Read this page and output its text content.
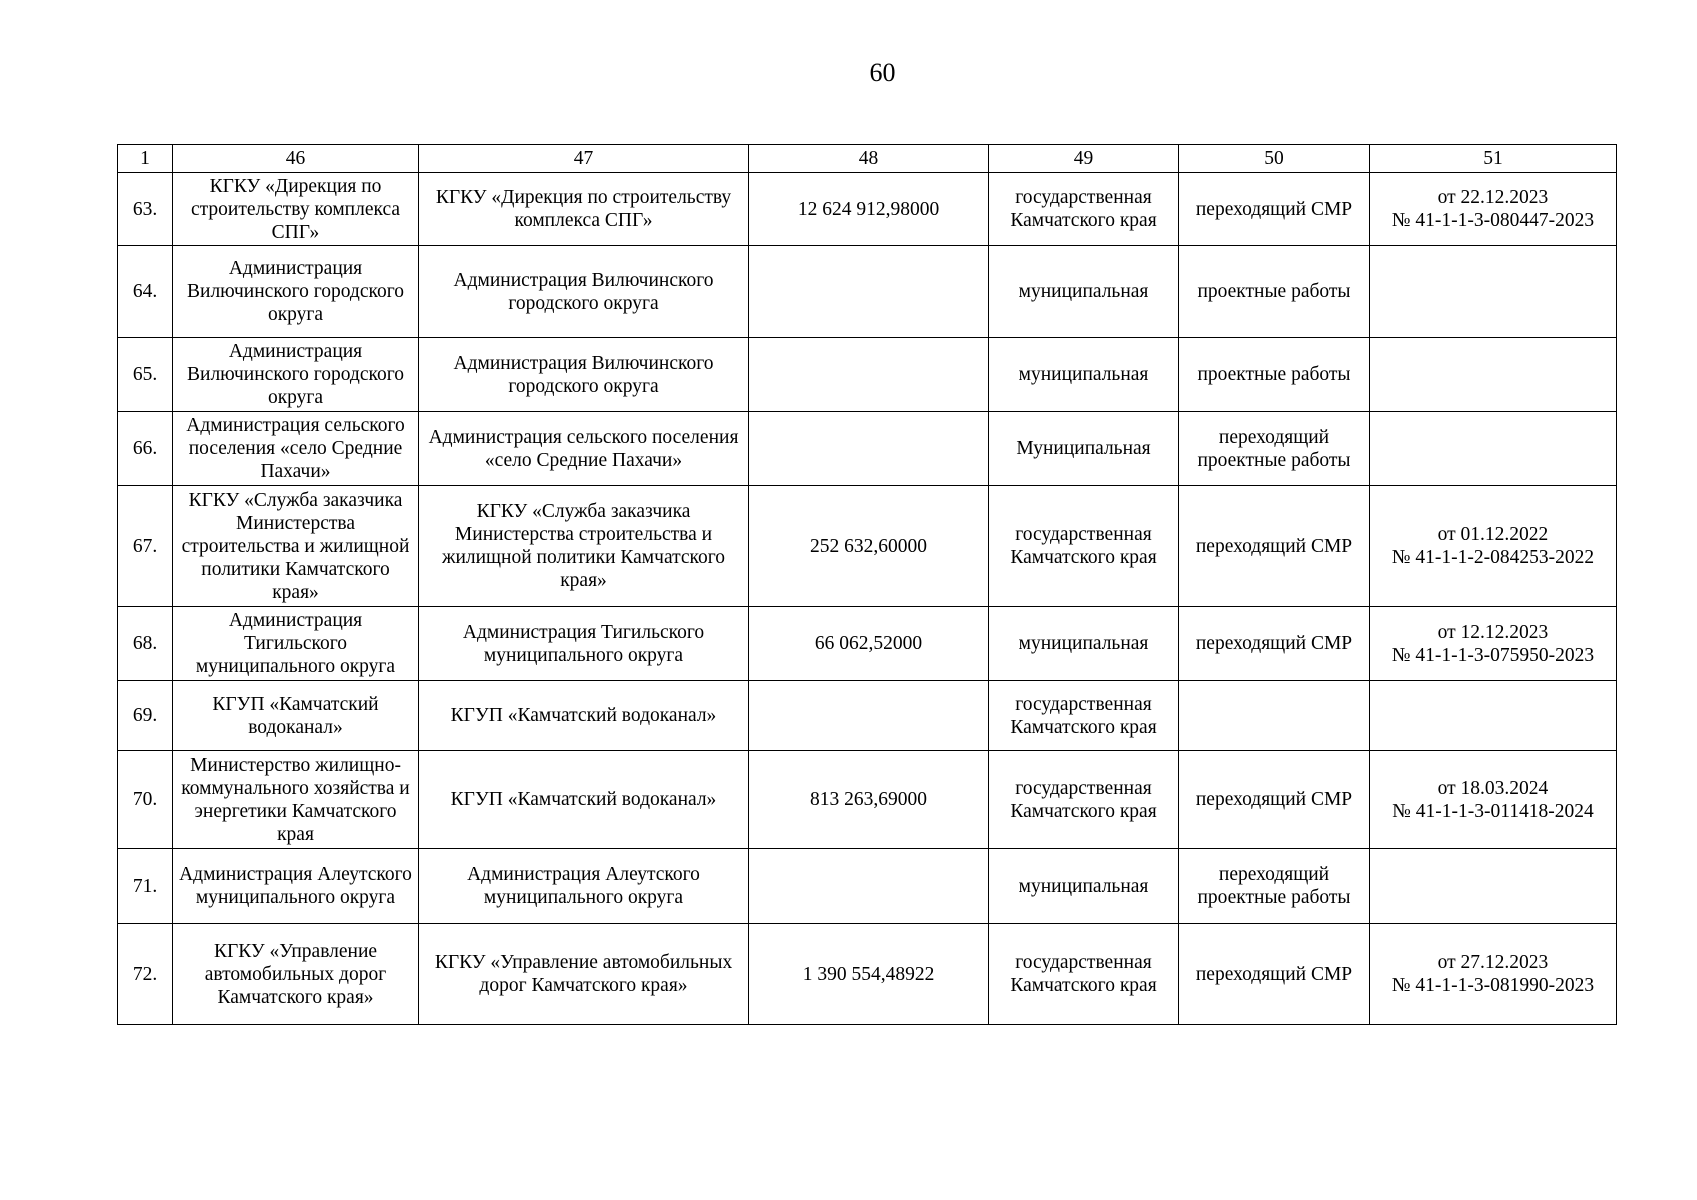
60
1	46	47	48	49	50	51
63.	КГКУ «Дирекция по строительству комплекса СПГ»	КГКУ «Дирекция по строительству комплекса СПГ»	12 624 912,98000	государственная Камчатского края	переходящий СМР	от 22.12.2023
№ 41-1-1-3-080447-2023

64.	Администрация Вилючинского городского округа	Администрация Вилючинского городского округа		муниципальная	проектные работы	

65.	Администрация Вилючинского городского округа	Администрация Вилючинского городского округа		муниципальная	проектные работы	

66.	Администрация сельского поселения «село Средние Пахачи»	Администрация сельского поселения «село Средние Пахачи»		Муниципальная	переходящий проектные работы	

67.	КГКУ «Служба заказчика Министерства строительства и жилищной политики Камчатского края»	КГКУ «Служба заказчика Министерства строительства и жилищной политики Камчатского края»	252 632,60000	государственная Камчатского края	переходящий СМР	от 01.12.2022
№ 41-1-1-2-084253-2022

68.	Администрация Тигильского муниципального округа	Администрация Тигильского муниципального округа	66 062,52000	муниципальная	переходящий СМР	от 12.12.2023
№ 41-1-1-3-075950-2023

69.	КГУП «Камчатский водоканал»	КГУП «Камчатский водоканал»		государственная Камчатского края		

70.	Министерство жилищно-коммунального хозяйства и энергетики Камчатского края	КГУП «Камчатский водоканал»	813 263,69000	государственная Камчатского края	переходящий СМР	от 18.03.2024
№ 41-1-1-3-011418-2024

71.	Администрация Алеутского муниципального округа	Администрация Алеутского муниципального округа		муниципальная	переходящий проектные работы	

72.	КГКУ «Управление автомобильных дорог Камчатского края»	КГКУ «Управление автомобильных дорог Камчатского края»	1 390 554,48922	государственная Камчатского края	переходящий СМР	от 27.12.2023
№ 41-1-1-3-081990-2023
